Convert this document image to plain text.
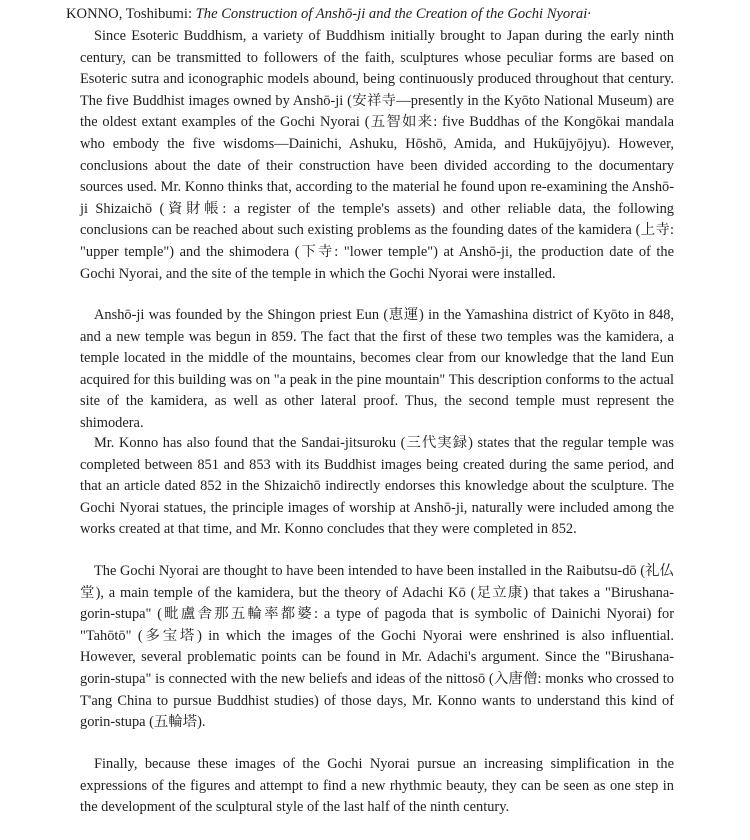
KONNO, Toshibumi: The Construction of Anshō-ji and the Creation of the Gochi Nyorai·

Since Esoteric Buddhism, a variety of Buddhism initially brought to Japan during the early ninth century, can be transmitted to followers of the faith, sculptures whose peculiar forms are based on Esoteric sutra and iconographic models abound, being continuously produced throughout that century. The five Buddhist images owned by Anshō-ji (安祥寺—presently in the Kyōto National Museum) are the oldest extant examples of the Gochi Nyorai (五智如来: five Buddhas of the Kongōkai mandala who embody the five wisdoms—Dainichi, Ashuku, Hōshō, Amida, and Hukūjyōjyu). However, conclusions about the date of their construction have been divided according to the documentary sources used. Mr. Konno thinks that, according to the material he found upon re-examining the Anshō-ji Shizaichō (資財帳: a register of the temple's assets) and other reliable data, the following conclusions can be reached about such existing problems as the founding dates of the kamidera (上寺: "upper temple") and the shimodera (下寺: "lower temple") at Anshō-ji, the production date of the Gochi Nyorai, and the site of the temple in which the Gochi Nyorai were installed.

Anshō-ji was founded by the Shingon priest Eun (恵運) in the Yamashina district of Kyōto in 848, and a new temple was begun in 859. The fact that the first of these two temples was the kamidera, a temple located in the middle of the mountains, becomes clear from our knowledge that the land Eun acquired for this building was on "a peak in the pine mountain" This description conforms to the actual site of the kamidera, as well as other lateral proof. Thus, the second temple must represent the shimodera.

Mr. Konno has also found that the Sandai-jitsuroku (三代実録) states that the regular temple was completed between 851 and 853 with its Buddhist images being created during the same period, and that an article dated 852 in the Shizaichō indirectly endorses this knowledge about the sculpture. The Gochi Nyorai statues, the principle images of worship at Anshō-ji, naturally were included among the works created at that time, and Mr. Konno concludes that they were completed in 852.

The Gochi Nyorai are thought to have been intended to have been installed in the Raibutsu-dō (礼仏堂), a main temple of the kamidera, but the theory of Adachi Kō (足立康) that takes a "Birushana-gorin-stupa" (毗盧舎那五輪率都婆: a type of pagoda that is symbolic of Dainichi Nyorai) for "Tahōtō" (多宝塔) in which the images of the Gochi Nyorai were enshrined is also influential. However, several problematic points can be found in Mr. Adachi's argument. Since the "Birushana-gorin-stupa" is connected with the new beliefs and ideas of the nittosō (入唐僧: monks who crossed to T'ang China to pursue Buddhist studies) of those days, Mr. Konno wants to understand this kind of gorin-stupa (五輪塔).

Finally, because these images of the Gochi Nyorai pursue an increasing simplification in the expressions of the figures and attempt to find a new rhythmic beauty, they can be seen as one step in the development of the sculptural style of the last half of the ninth century.
